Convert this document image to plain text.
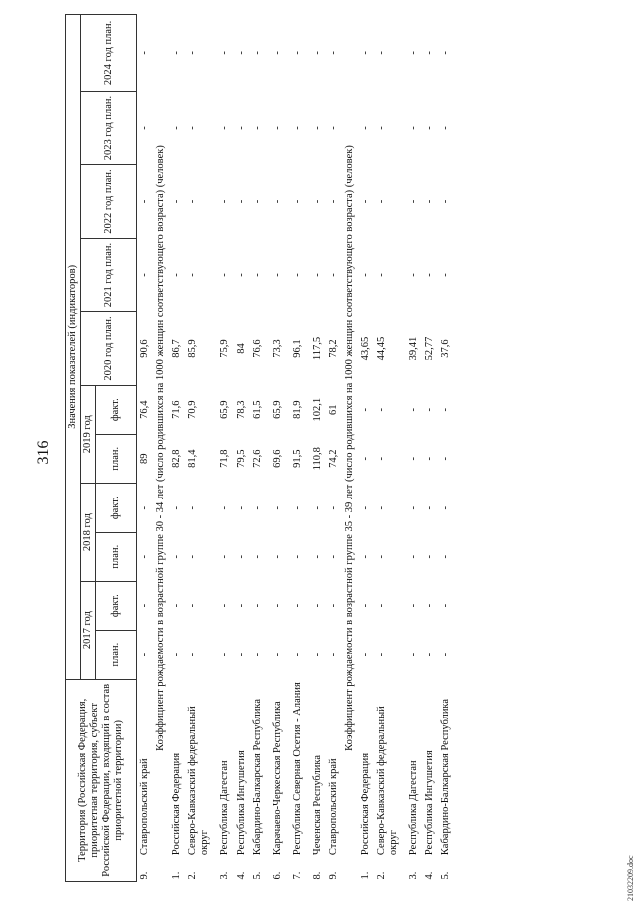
316
Территория (Российская Федерация, приоритетная территория, субъект Российской Федерации, входящий в состав приоритетной территории)		Значения показателей (индикаторов)										
		2017 год		2018 год		2019 год		2020 год план.	2021 год план.	2022 год план.	2023 год план.	2024 год план.
		план.	факт.	план.	факт.	план.	факт.					
9.	Ставропольский край	-	-	-	-	89	76,4	90,6	-	-	-	-
Коэффициент рождаемости в возрастной группе 30 - 34 лет (число родившихся на 1000 женщин соответствующего возраста) (человек)												
1.	Российская Федерация	-	-	-	-	82,8	71,6	86,7	-	-	-	-
2.	Северо-Кавказский федеральный округ	-	-	-	-	81,4	70,9	85,9	-	-	-	-
3.	Республика Дагестан	-	-	-	-	71,8	65,9	75,9	-	-	-	-
4.	Республика Ингушетия	-	-	-	-	79,5	78,3	84	-	-	-	-
5.	Кабардино-Балкарская Республика	-	-	-	-	72,6	61,5	76,6	-	-	-	-
6.	Карачаево-Черкесская Республика	-	-	-	-	69,6	65,9	73,3	-	-	-	-
7.	Республика Северная Осетия - Алания	-	-	-	-	91,5	81,9	96,1	-	-	-	-
8.	Чеченская Республика	-	-	-	-	110,8	102,1	117,5	-	-	-	-
9.	Ставропольский край	-	-	-	-	74,2	61	78,2	-	-	-	-
Коэффициент рождаемости в возрастной группе 35 - 39 лет (число родившихся на 1000 женщин соответствующего возраста) (человек)												
1.	Российская Федерация	-	-	-	-	-	-	43,65	-	-	-	-
2.	Северо-Кавказский федеральный округ	-	-	-	-	-	-	44,45	-	-	-	-
3.	Республика Дагестан	-	-	-	-	-	-	39,41	-	-	-	-
4.	Республика Ингушетия	-	-	-	-	-	-	52,77	-	-	-	-
5.	Кабардино-Балкарская Республика	-	-	-	-	-	-	37,6	-	-	-	-
21032209.doc
